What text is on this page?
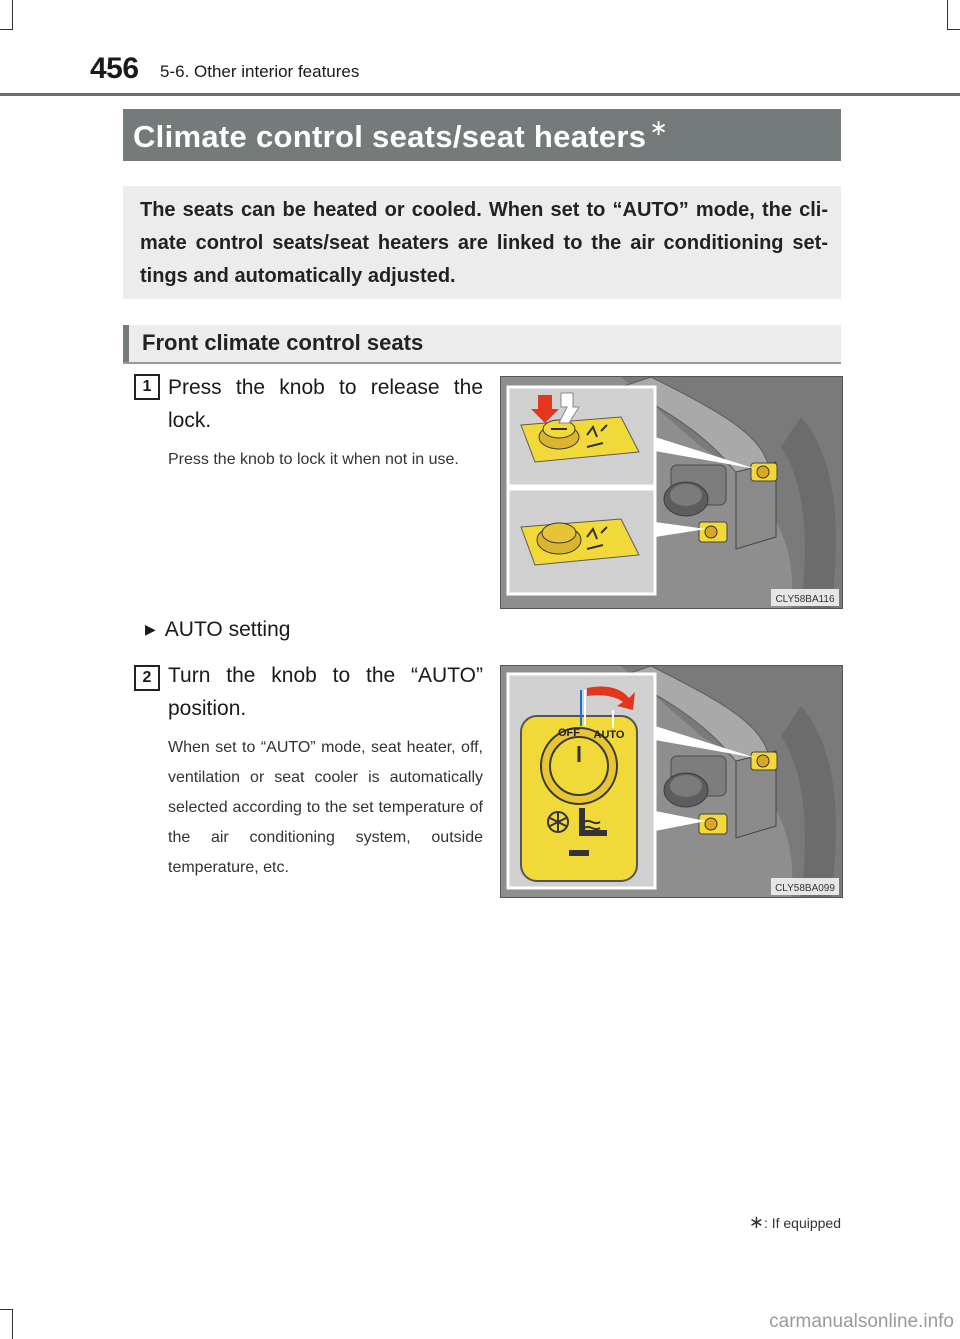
456 5-6. Other interior features
Climate control seats/seat heaters ∗
The seats can be heated or cooled. When set to “AUTO” mode, the climate control seats/seat heaters are linked to the air conditioning settings and automatically adjusted.
Front climate control seats
1 Press the knob to release the lock.
Press the knob to lock it when not in use.
CLY58BA116
▶ AUTO setting
2 Turn the knob to the “AUTO” position.
When set to “AUTO” mode, seat heater, off, ventilation or seat cooler is automatically selected according to the set temperature of the air conditioning system, outside temperature, etc.
OFF AUTO
CLY58BA099
∗: If equipped
carmanualsonline.info
